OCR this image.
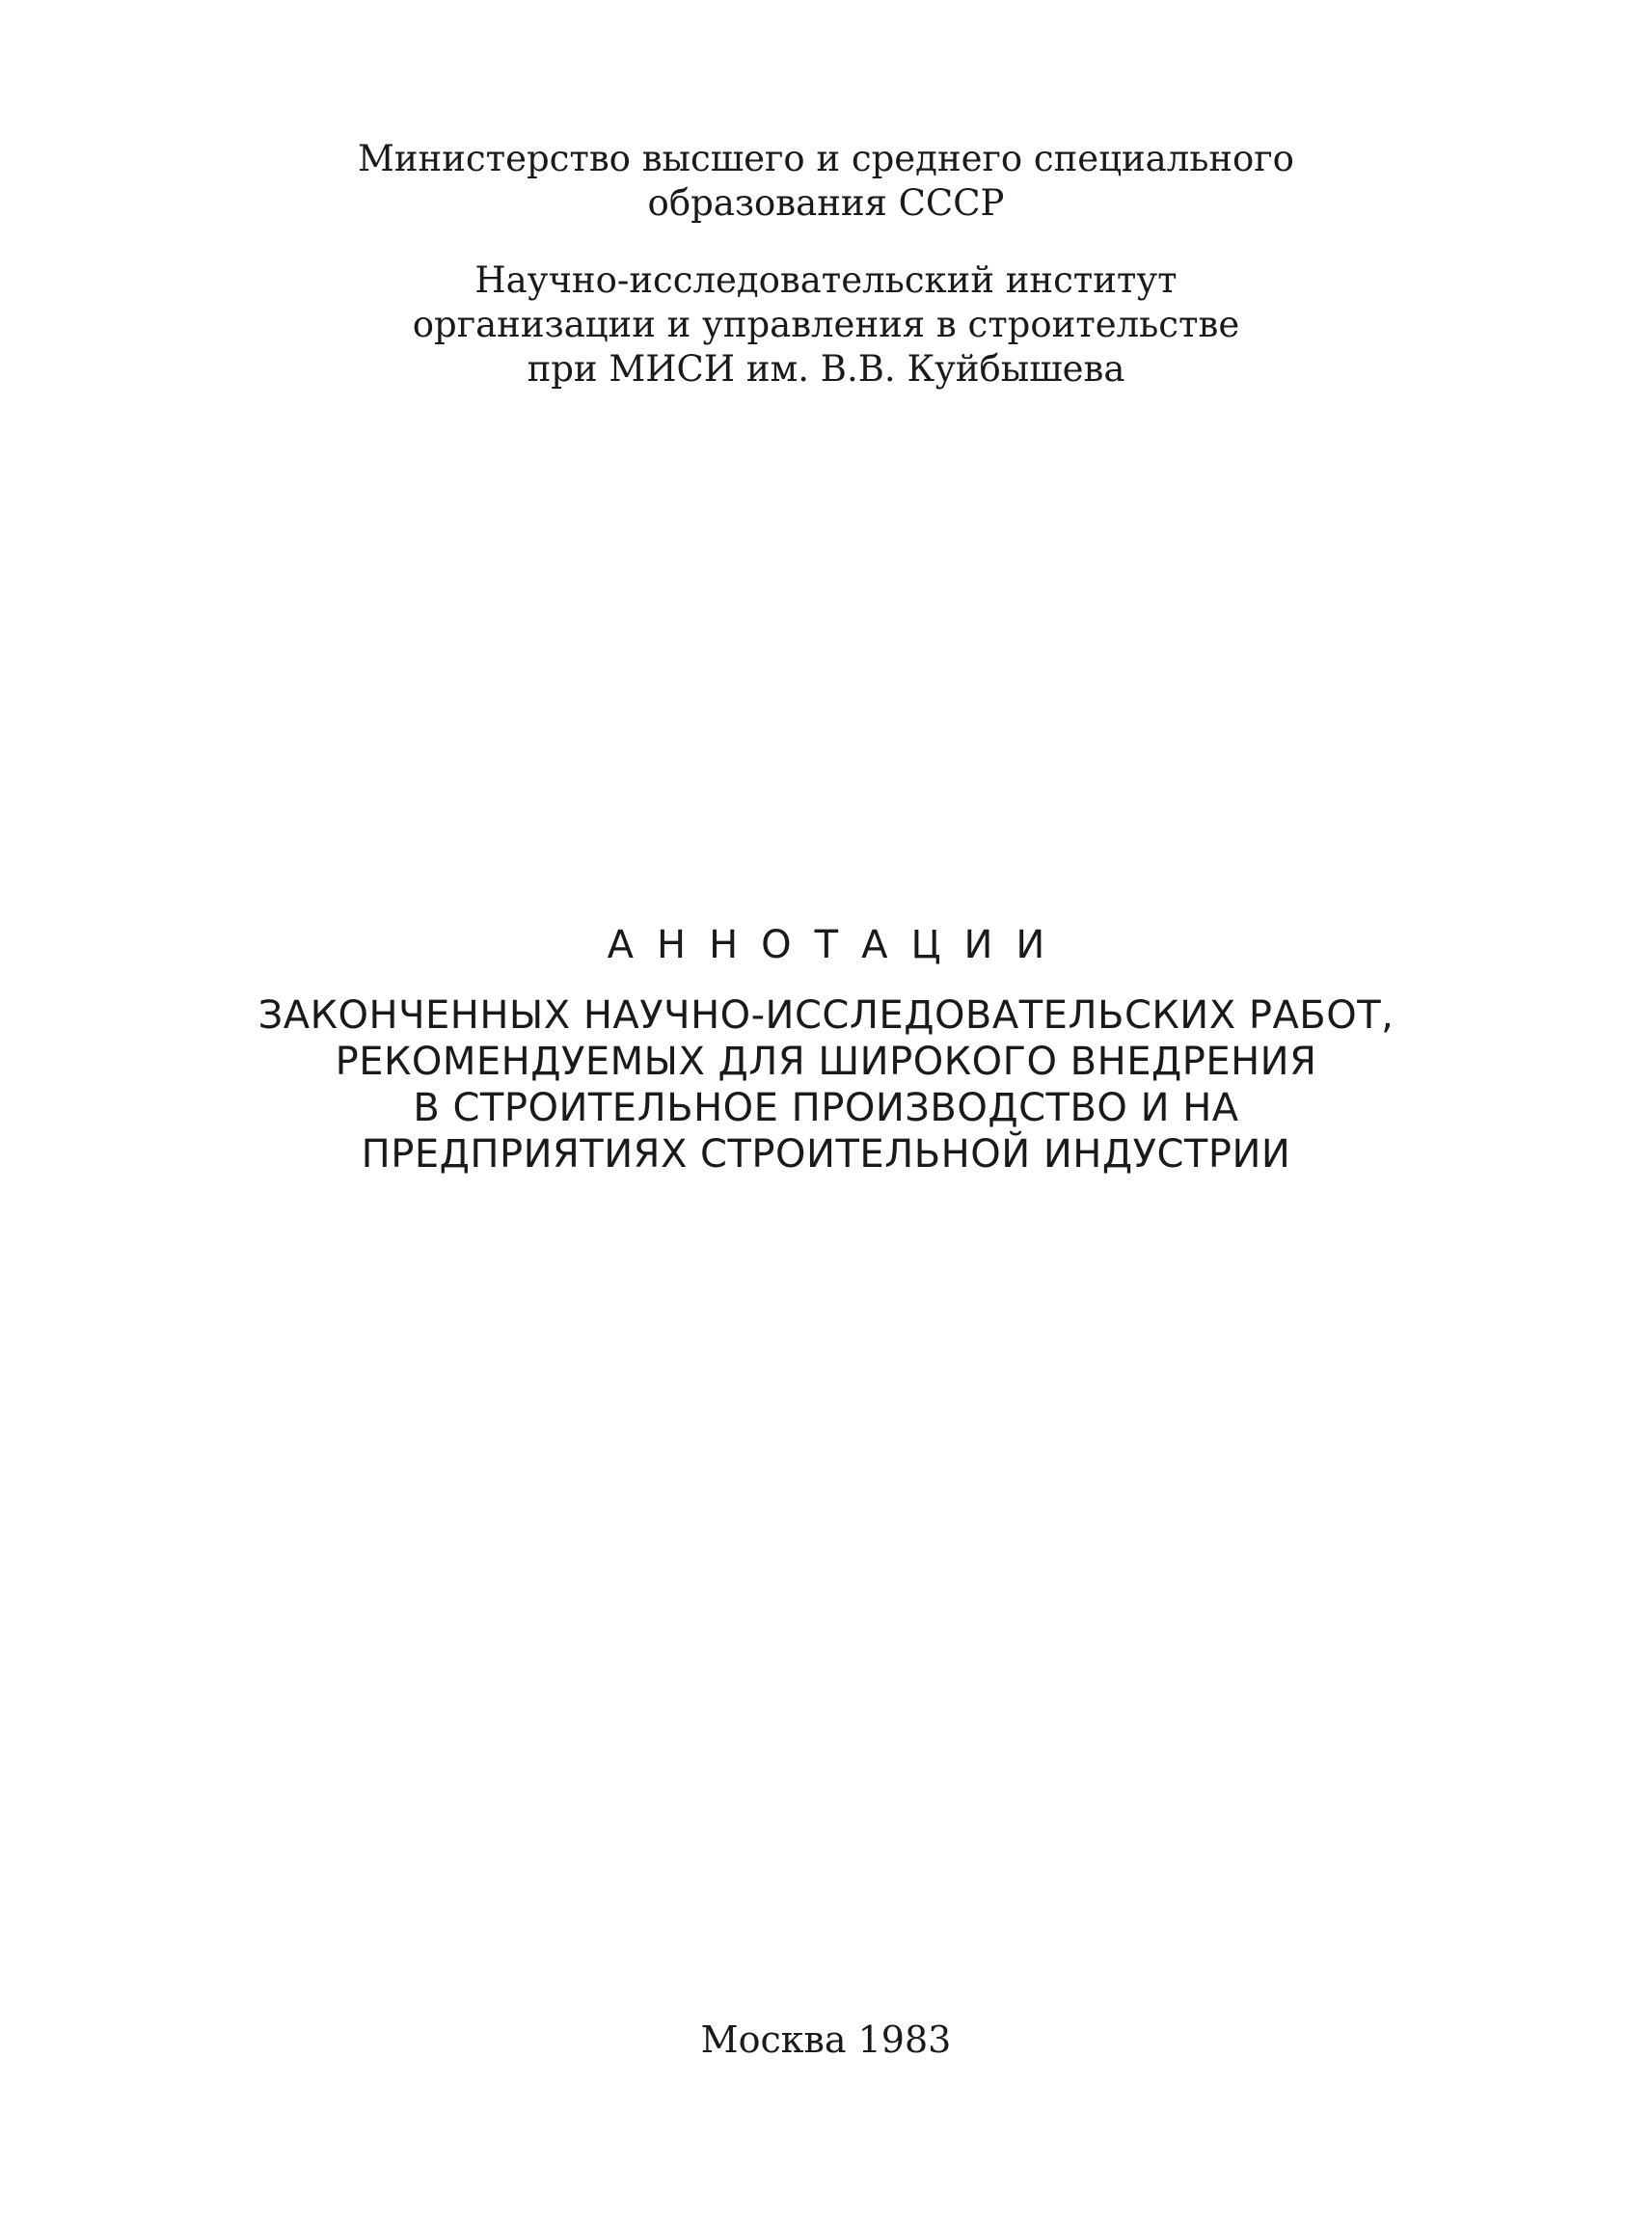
Министерство высшего и среднего специального
образования СССР
Научно-исследовательский институт
организации и управления в строительстве
при МИСИ им. В.В. Куйбышева
АННОТАЦИИ
ЗАКОНЧЕННЫХ НАУЧНО-ИССЛЕДОВАТЕЛЬСКИХ РАБОТ,
РЕКОМЕНДУЕМЫХ ДЛЯ ШИРОКОГО ВНЕДРЕНИЯ
В СТРОИТЕЛЬНОЕ ПРОИЗВОДСТВО И НА
ПРЕДПРИЯТИЯХ СТРОИТЕЛЬНОЙ ИНДУСТРИИ
Москва 1983
